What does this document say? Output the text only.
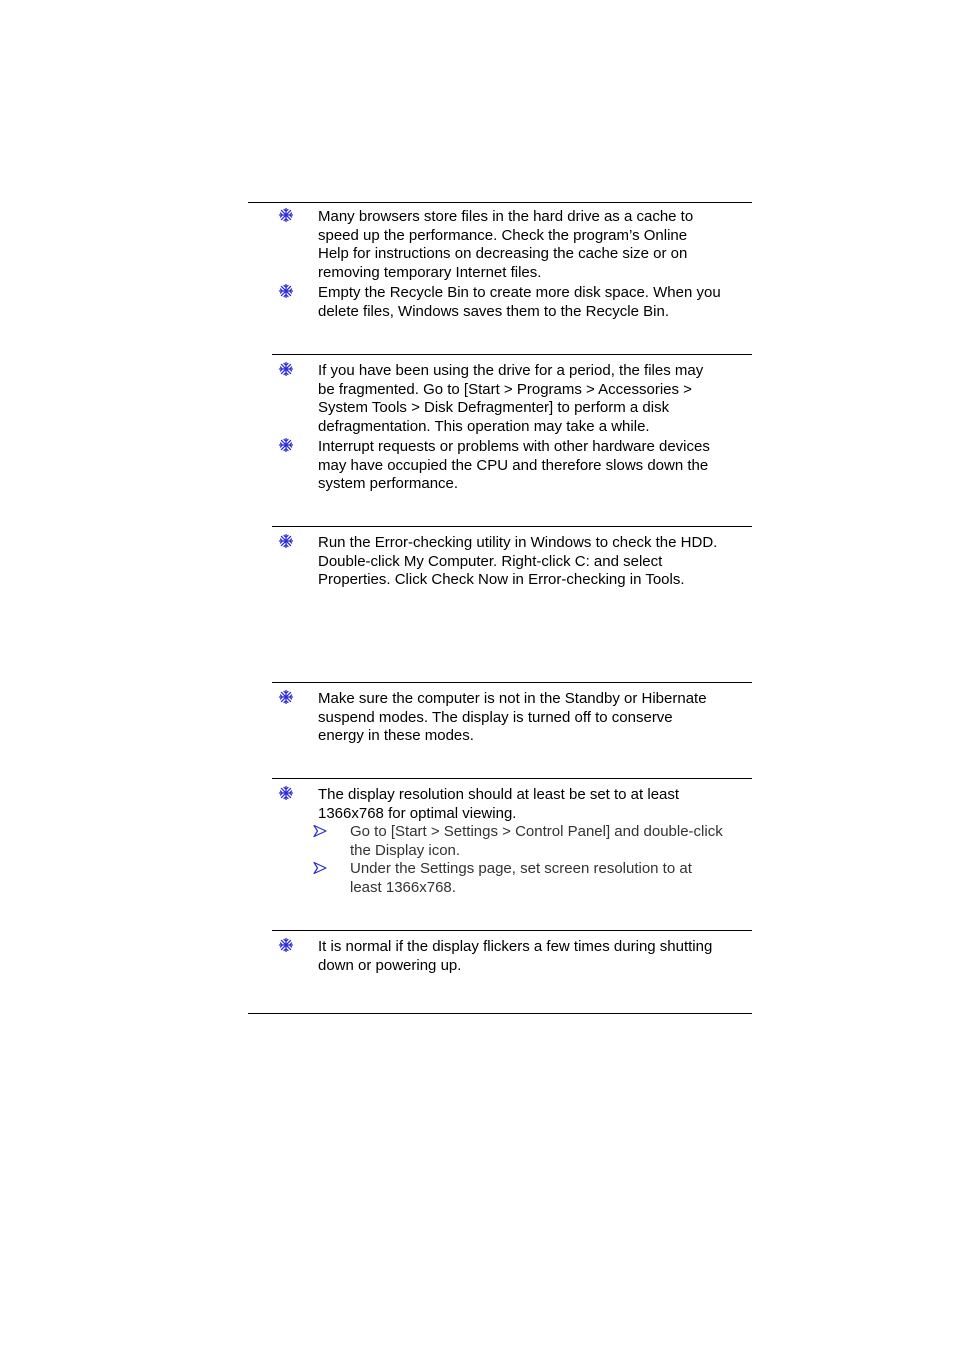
Many browsers store files in the hard drive as a cache to
speed up the performance. Check the program’s Online
Help for instructions on decreasing the cache size or on
removing temporary Internet files.
Empty the Recycle Bin to create more disk space. When you
delete files, Windows saves them to the Recycle Bin.
If you have been using the drive for a period, the files may
be fragmented. Go to [Start > Programs > Accessories >
System Tools > Disk Defragmenter] to perform a disk
defragmentation. This operation may take a while.
Interrupt requests or problems with other hardware devices
may have occupied the CPU and therefore slows down the
system performance.
Run the Error-checking utility in Windows to check the HDD.
Double-click My Computer. Right-click C: and select
Properties. Click Check Now in Error-checking in Tools.
Make sure the computer is not in the Standby or Hibernate
suspend modes. The display is turned off to conserve
energy in these modes.
The display resolution should at least be set to at least
1366x768 for optimal viewing.
Go to [Start > Settings > Control Panel] and double-click
the Display icon.
Under the Settings page, set screen resolution to at
least 1366x768.
It is normal if the display flickers a few times during shutting
down or powering up.
